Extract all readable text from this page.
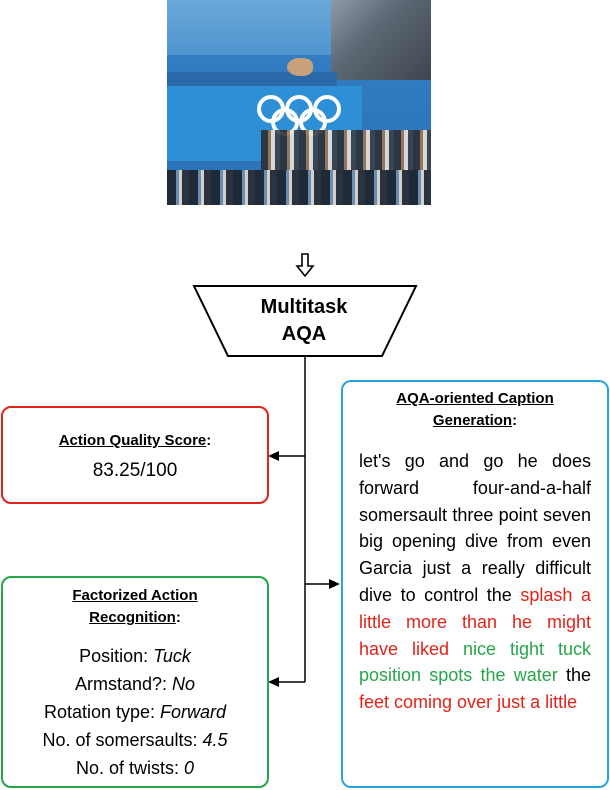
Multitask
AQA
Action Quality Score:
83.25/100
Factorized Action
Recognition:
Position: Tuck
Armstand?: No
Rotation type: Forward
No. of somersaults: 4.5
No. of twists: 0
AQA-oriented Caption
Generation:
let's go and go he does forward four-and-a-half somersault three point seven big opening dive from even Garcia just a really difficult dive to control the splash a little more than he might have liked nice tight tuck position spots the water the feet coming over just a little
